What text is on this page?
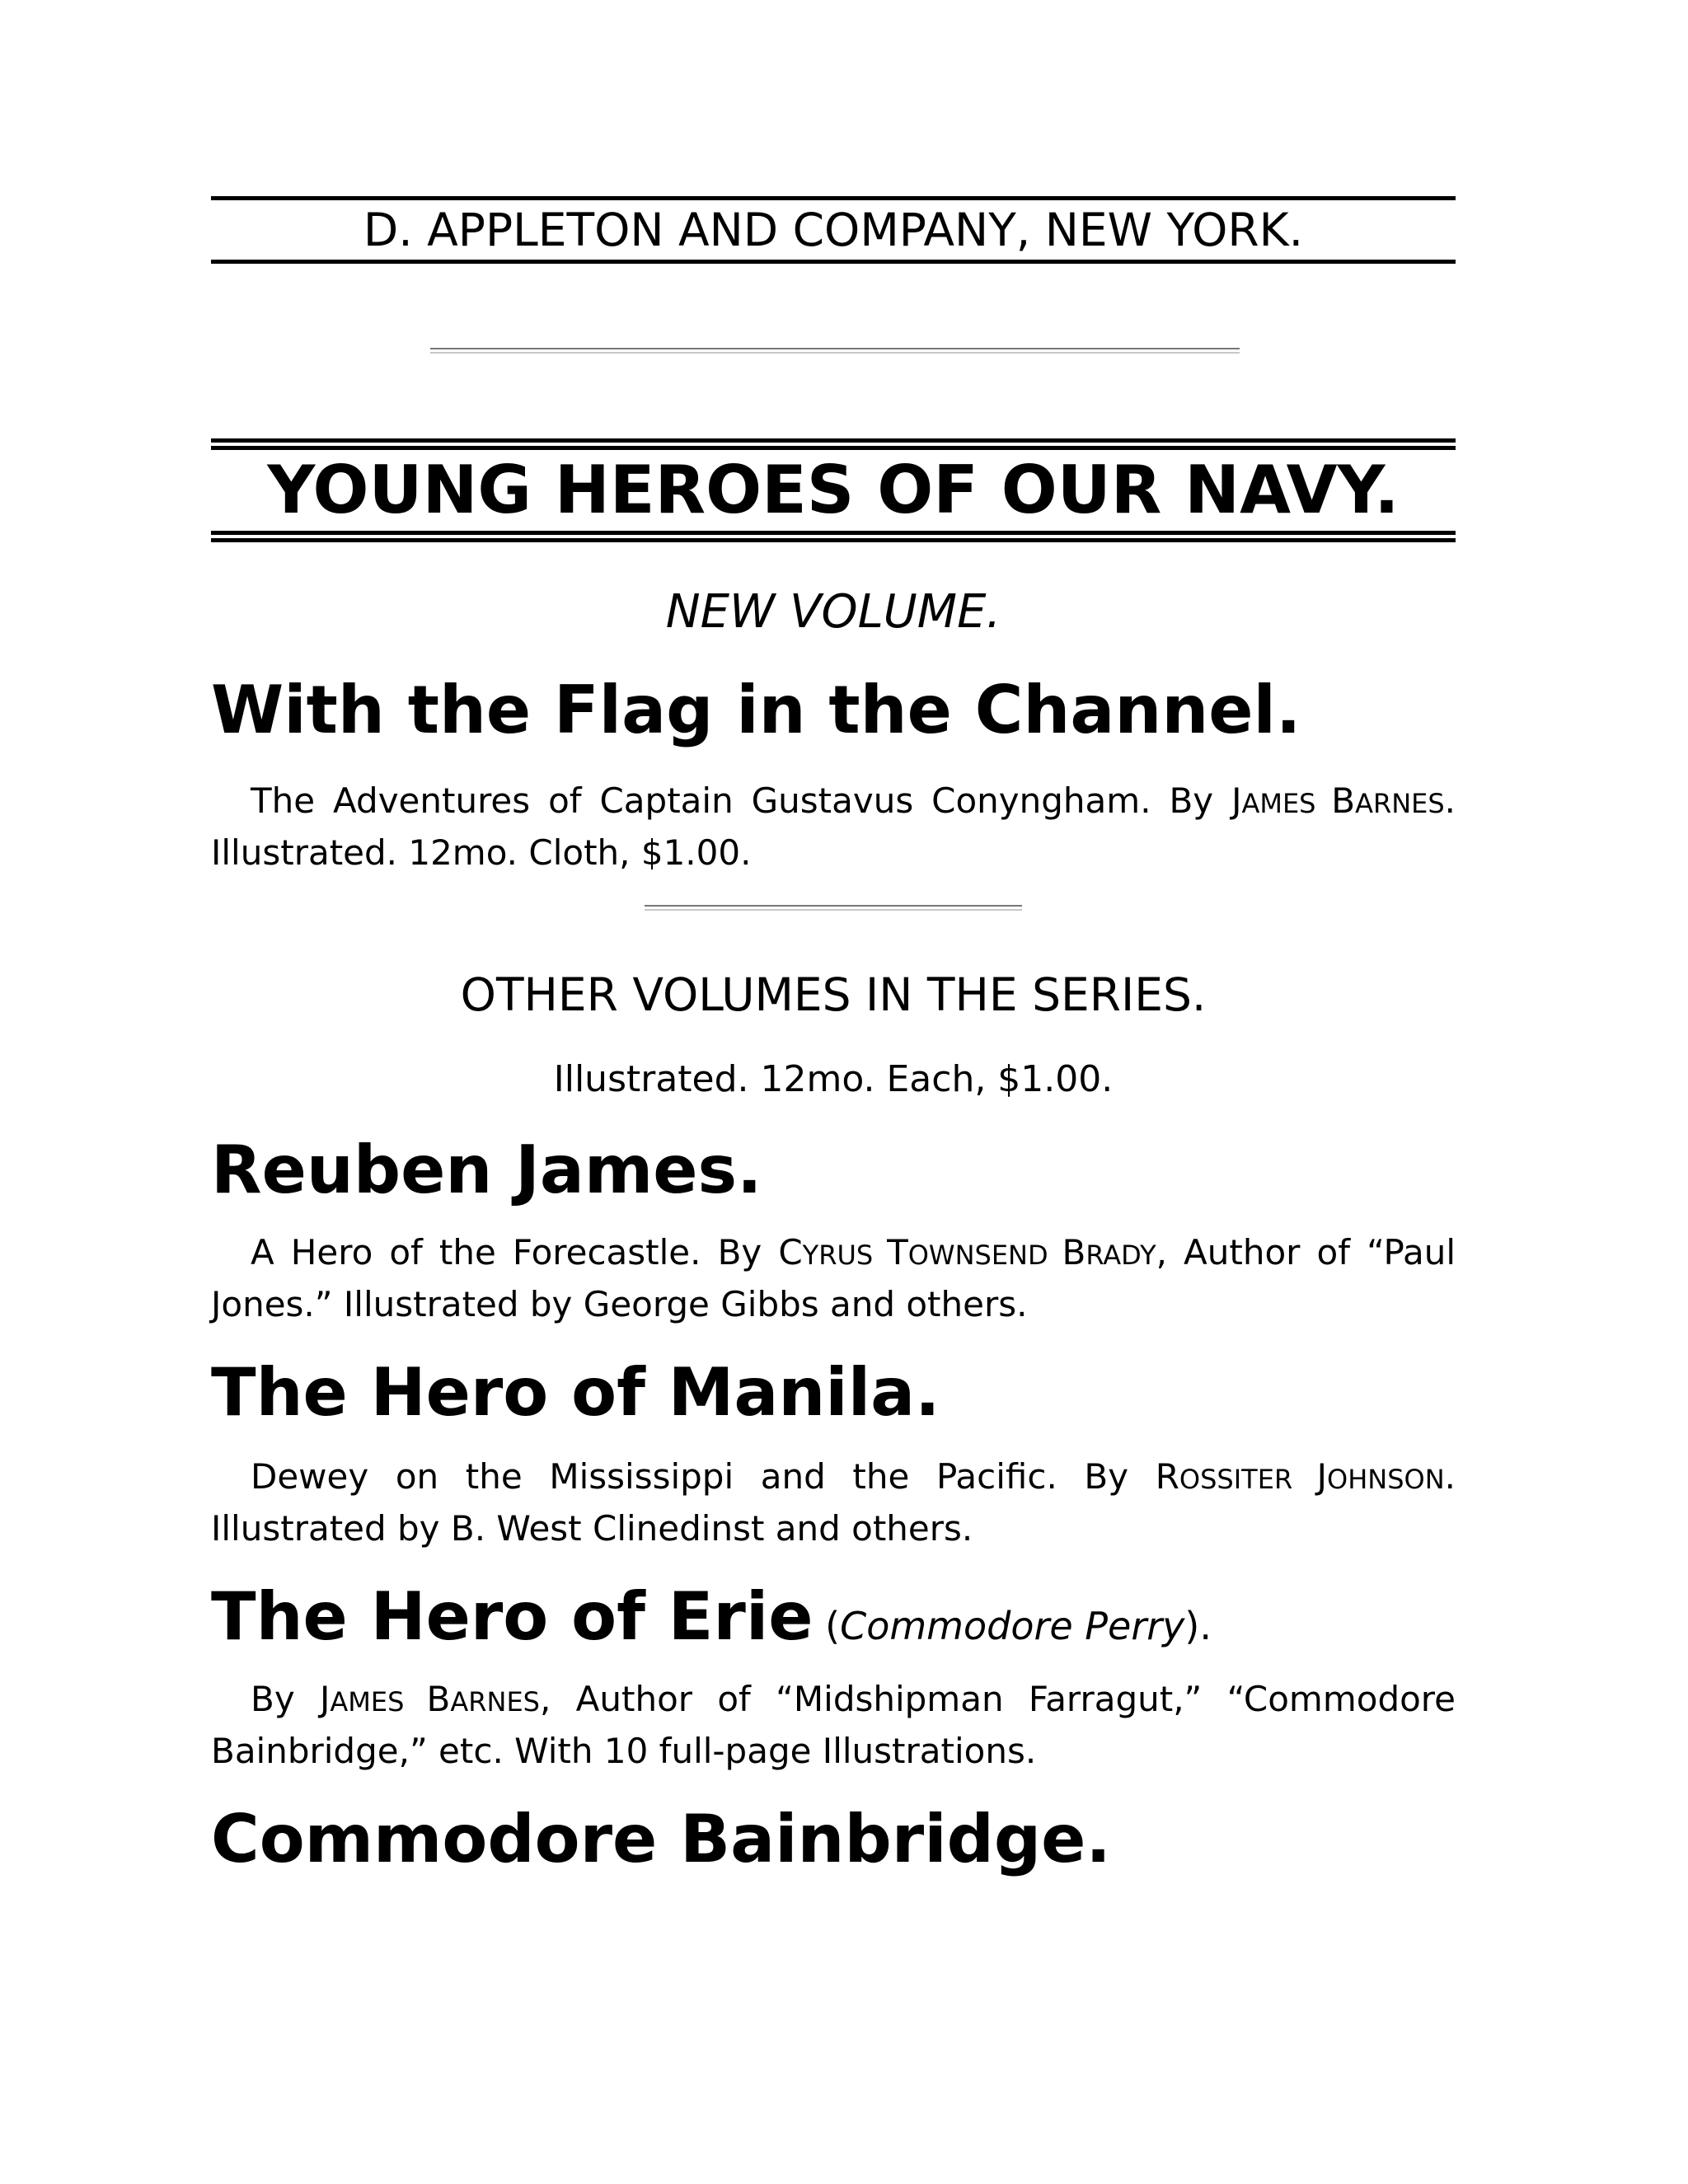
D. APPLETON AND COMPANY, NEW YORK.
YOUNG HEROES OF OUR NAVY.
NEW VOLUME.
With the Flag in the Channel.
The Adventures of Captain Gustavus Conyngham. By JAMES BARNES. Illustrated. 12mo. Cloth, $1.00.
OTHER VOLUMES IN THE SERIES.
Illustrated. 12mo. Each, $1.00.
Reuben James.
A Hero of the Forecastle. By CYRUS TOWNSEND BRADY, Author of “Paul Jones.” Illustrated by George Gibbs and others.
The Hero of Manila.
Dewey on the Mississippi and the Pacific. By ROSSITER JOHNSON. Illustrated by B. West Clinedinst and others.
The Hero of Erie (Commodore Perry).
By JAMES BARNES, Author of “Midshipman Farragut,” “Commodore Bainbridge,” etc. With 10 full-page Illustrations.
Commodore Bainbridge.
